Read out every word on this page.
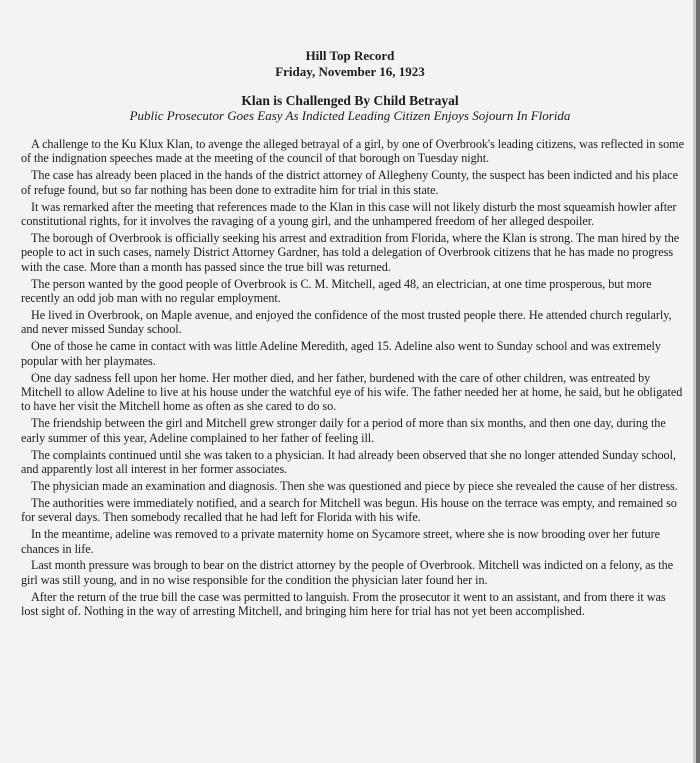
Hill Top Record
Friday, November 16, 1923
Klan is Challenged By Child Betrayal
Public Prosecutor Goes Easy As Indicted Leading Citizen Enjoys Sojourn In Florida

A challenge to the Ku Klux Klan, to avenge the alleged betrayal of a girl, by one of Overbrook's leading citizens, was reflected in some of the indignation speeches made at the meeting of the council of that borough on Tuesday night.

The case has already been placed in the hands of the district attorney of Allegheny County, the suspect has been indicted and his place of refuge found, but so far nothing has been done to extradite him for trial in this state.

It was remarked after the meeting that references made to the Klan in this case will not likely disturb the most squeamish howler after constitutional rights, for it involves the ravaging of a young girl, and the unhampered freedom of her alleged despoiler.

The borough of Overbrook is officially seeking his arrest and extradition from Florida, where the Klan is strong. The man hired by the people to act in such cases, namely District Attorney Gardner, has told a delegation of Overbrook citizens that he has made no progress with the case. More than a month has passed since the true bill was returned.

The person wanted by the good people of Overbrook is C. M. Mitchell, aged 48, an electrician, at one time prosperous, but more recently an odd job man with no regular employment.

He lived in Overbrook, on Maple avenue, and enjoyed the confidence of the most trusted people there. He attended church regularly, and never missed Sunday school.

One of those he came in contact with was little Adeline Meredith, aged 15. Adeline also went to Sunday school and was extremely popular with her playmates.

One day sadness fell upon her home. Her mother died, and her father, burdened with the care of other children, was entreated by Mitchell to allow Adeline to live at his house under the watchful eye of his wife. The father needed her at home, he said, but he obligated to have her visit the Mitchell home as often as she cared to do so.

The friendship between the girl and Mitchell grew stronger daily for a period of more than six months, and then one day, during the early summer of this year, Adeline complained to her father of feeling ill.

The complaints continued until she was taken to a physician. It had already been observed that she no longer attended Sunday school, and apparently lost all interest in her former associates.

The physician made an examination and diagnosis. Then she was questioned and piece by piece she revealed the cause of her distress.

The authorities were immediately notified, and a search for Mitchell was begun. His house on the terrace was empty, and remained so for several days. Then somebody recalled that he had left for Florida with his wife.

In the meantime, adeline was removed to a private maternity home on Sycamore street, where she is now brooding over her future chances in life.

Last month pressure was brough to bear on the district attorney by the people of Overbrook. Mitchell was indicted on a felony, as the girl was still young, and in no wise responsible for the condition the physician later found her in.

After the return of the true bill the case was permitted to languish. From the prosecutor it went to an assistant, and from there it was lost sight of. Nothing in the way of arresting Mitchell, and bringing him here for trial has not yet been accomplished.
